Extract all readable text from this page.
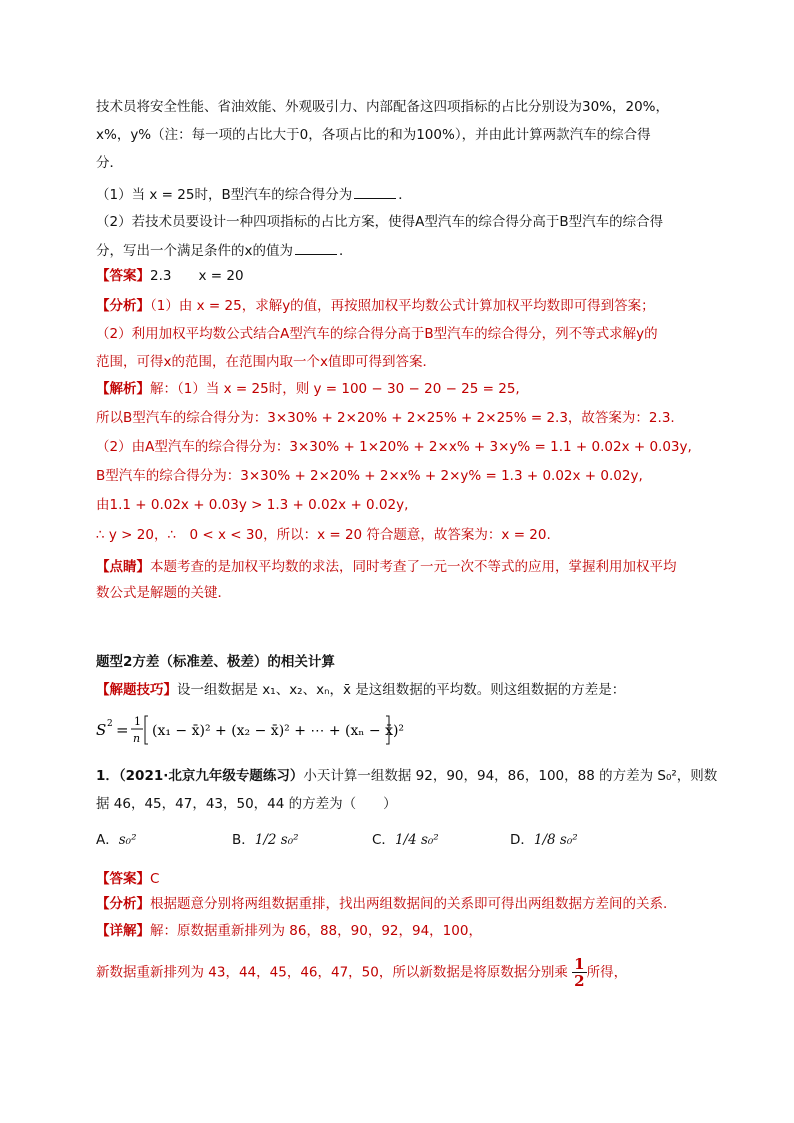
技术员将安全性能、省油效能、外观吸引力、内部配备这四项指标的占比分别设为30%，20%，
x%，y%（注：每一项的占比大于0，各项占比的和为100%），并由此计算两款汽车的综合得
分．
（1）当 x = 25时，B型汽车的综合得分为	．
（2）若技术员要设计一种四项指标的占比方案，使得A型汽车的综合得分高于B型汽车的综合得
分，写出一个满足条件的x的值为	．
【答案】2.3　　x = 20
【分析】（1）由 x = 25，求解y的值，再按照加权平均数公式计算加权平均数即可得到答案；
（2）利用加权平均数公式结合A型汽车的综合得分高于B型汽车的综合得分，列不等式求解y的
范围，可得x的范围，在范围内取一个x值即可得到答案．
【解析】解：（1）当 x = 25时，则 y = 100 − 30 − 20 − 25 = 25,
所以B型汽车的综合得分为：3×30% + 2×20% + 2×25% + 2×25% = 2.3，故答案为：2.3.
（2）由A型汽车的综合得分为：3×30% + 1×20% + 2×x% + 3×y% = 1.1 + 0.02x + 0.03y,
B型汽车的综合得分为：3×30% + 2×20% + 2×x% + 2×y% = 1.3 + 0.02x + 0.02y,
由1.1 + 0.02x + 0.03y > 1.3 + 0.02x + 0.02y,
∴ y > 20，∴　0 < x < 30，所以：x = 20 符合题意，故答案为：x = 20.
【点睛】本题考查的是加权平均数的求法，同时考查了一元一次不等式的应用，掌握利用加权平均
数公式是解题的关键．
题型2方差（标准差、极差）的相关计算
【解题技巧】设一组数据是 x₁、x₂、xₙ，x̄ 是这组数据的平均数。则这组数据的方差是：
S 2 = 1
n (x₁ − x̄)² + (x₂ − x̄)² + ⋯ + (xₙ − x̄)²
1．（2021·北京九年级专题练习）小天计算一组数据 92，90，94，86，100，88 的方差为 S₀²，则数
据 46，45，47，43，50，44 的方差为（　　）
A．s₀²	B．1/2 s₀²	C．1/4 s₀²	D．1/8 s₀²
【答案】C
【分析】根据题意分别将两组数据重排，找出两组数据间的关系即可得出两组数据方差间的关系.
【详解】解：原数据重新排列为 86，88，90，92，94，100，
新数据重新排列为 43，44，45，46，47，50，所以新数据是将原数据分别乘 $\frac{1}{2}$ 所得，
